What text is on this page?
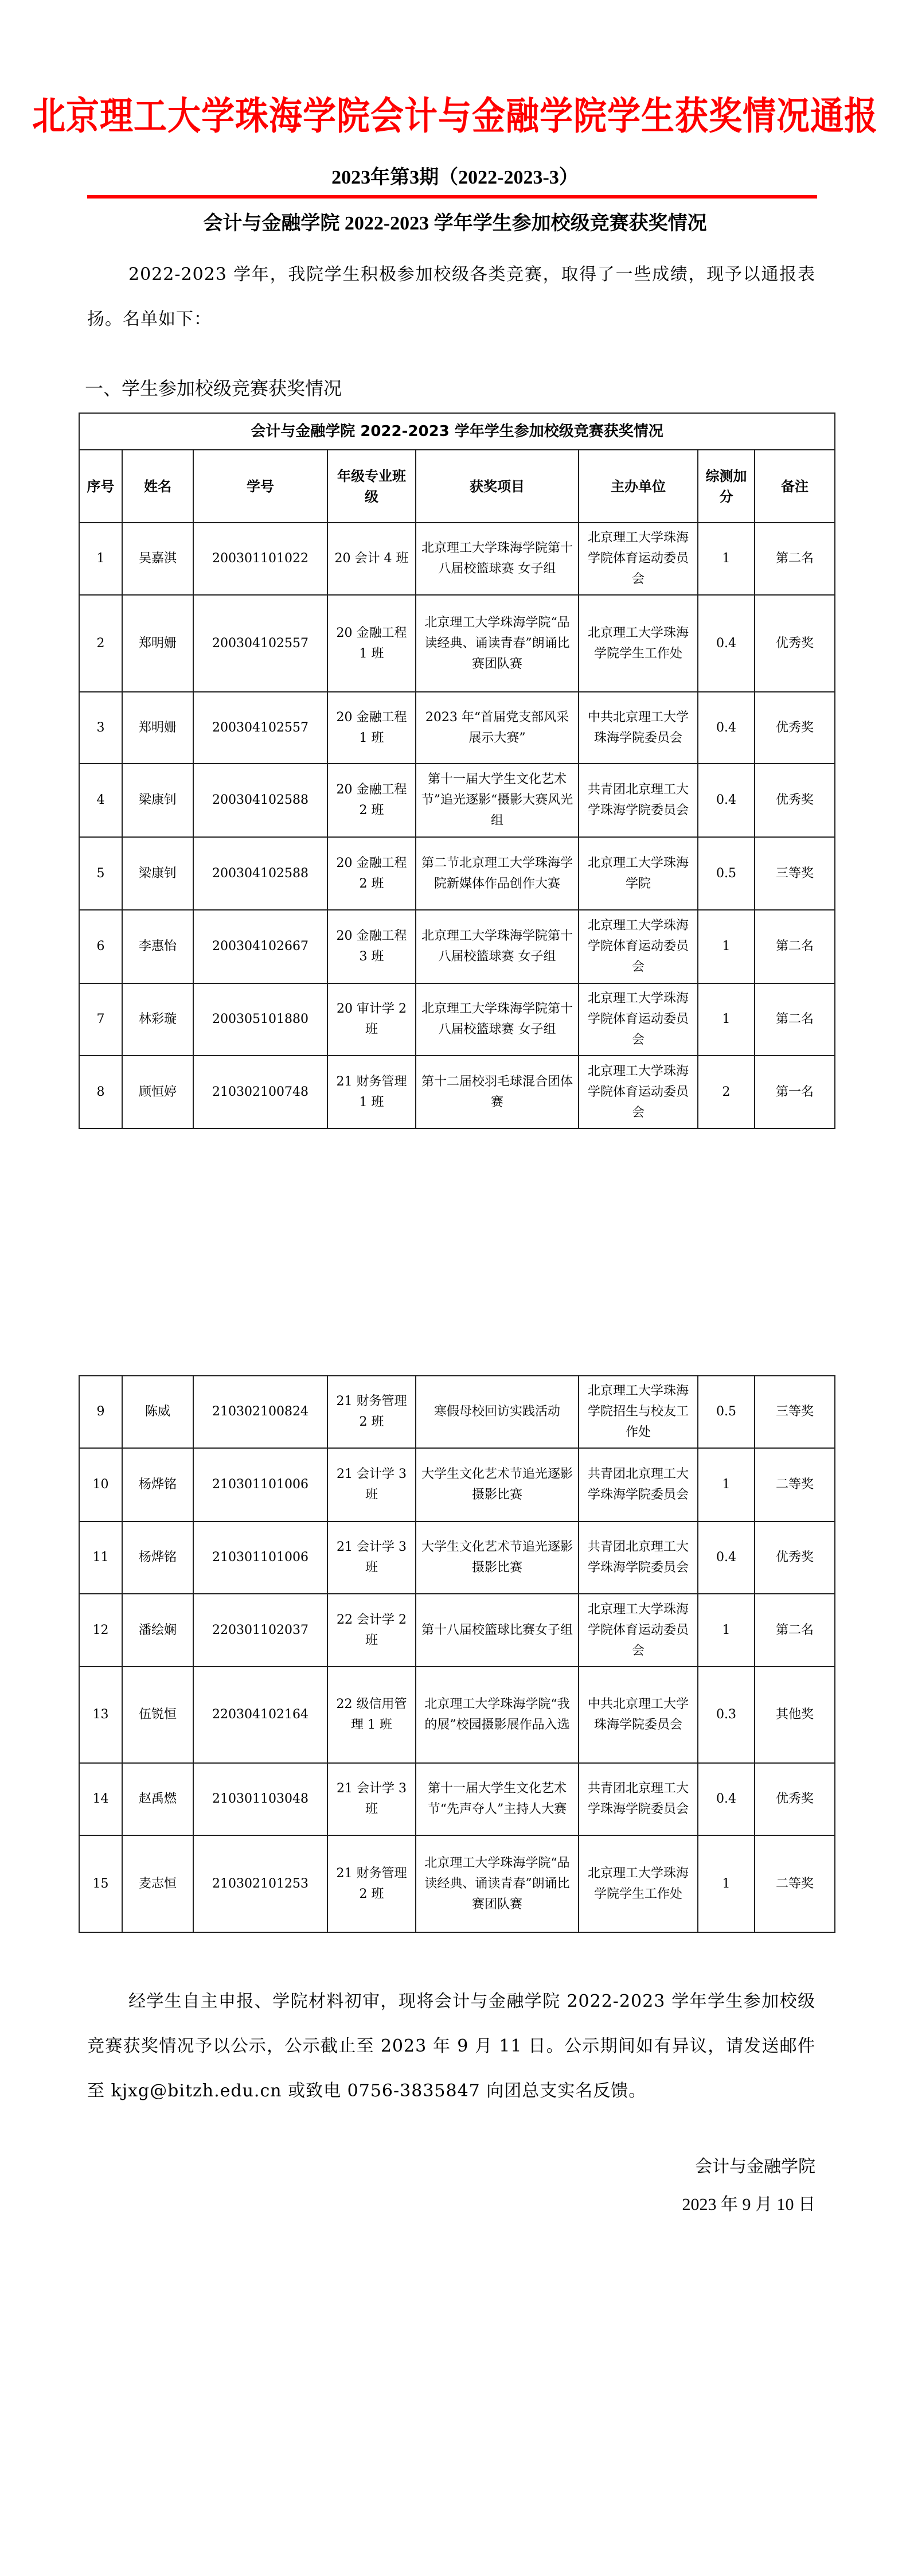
北京理工大学珠海学院会计与金融学院学生获奖情况通报
2023年第3期（2022-2023-3）
会计与金融学院 2022-2023 学年学生参加校级竞赛获奖情况
2022-2023 学年，我院学生积极参加校级各类竞赛，取得了一些成绩，现予以通报表扬。名单如下：
一、学生参加校级竞赛获奖情况
会计与金融学院 2022-2023 学年学生参加校级竞赛获奖情况							
序号	姓名	学号	年级专业班级	获奖项目	主办单位	综测加分	备注
1	吴嘉淇	200301101022	20 会计 4 班	北京理工大学珠海学院第十八届校篮球赛 女子组	北京理工大学珠海学院体育运动委员会	1	第二名
2	郑明姗	200304102557	20 金融工程 1 班	北京理工大学珠海学院“品读经典、诵读青春”朗诵比赛团队赛	北京理工大学珠海学院学生工作处	0.4	优秀奖
3	郑明姗	200304102557	20 金融工程 1 班	2023 年“首届党支部风采展示大赛”	中共北京理工大学珠海学院委员会	0.4	优秀奖
4	梁康钊	200304102588	20 金融工程 2 班	第十一届大学生文化艺术节”追光逐影“摄影大赛风光组	共青团北京理工大学珠海学院委员会	0.4	优秀奖
5	梁康钊	200304102588	20 金融工程 2 班	第二节北京理工大学珠海学院新媒体作品创作大赛	北京理工大学珠海学院	0.5	三等奖
6	李惠怡	200304102667	20 金融工程 3 班	北京理工大学珠海学院第十八届校篮球赛 女子组	北京理工大学珠海学院体育运动委员会	1	第二名
7	林彩璇	200305101880	20 审计学 2 班	北京理工大学珠海学院第十八届校篮球赛 女子组	北京理工大学珠海学院体育运动委员会	1	第二名
8	顾恒婷	210302100748	21 财务管理 1 班	第十二届校羽毛球混合团体赛	北京理工大学珠海学院体育运动委员会	2	第一名
9	陈威	210302100824	21 财务管理 2 班	寒假母校回访实践活动	北京理工大学珠海学院招生与校友工作处	0.5	三等奖
10	杨烨铭	210301101006	21 会计学 3 班	大学生文化艺术节追光逐影摄影比赛	共青团北京理工大学珠海学院委员会	1	二等奖
11	杨烨铭	210301101006	21 会计学 3 班	大学生文化艺术节追光逐影摄影比赛	共青团北京理工大学珠海学院委员会	0.4	优秀奖
12	潘绘娴	220301102037	22 会计学 2 班	第十八届校篮球比赛女子组	北京理工大学珠海学院体育运动委员会	1	第二名
13	伍锐恒	220304102164	22 级信用管理 1 班	北京理工大学珠海学院“我的展”校园摄影展作品入选	中共北京理工大学珠海学院委员会	0.3	其他奖
14	赵禹燃	210301103048	21 会计学 3 班	第十一届大学生文化艺术节“先声夺人”主持人大赛	共青团北京理工大学珠海学院委员会	0.4	优秀奖
15	麦志恒	210302101253	21 财务管理 2 班	北京理工大学珠海学院“品读经典、诵读青春”朗诵比赛团队赛	北京理工大学珠海学院学生工作处	1	二等奖
经学生自主申报、学院材料初审，现将会计与金融学院 2022-2023 学年学生参加校级竞赛获奖情况予以公示，公示截止至 2023 年 9 月 11 日。公示期间如有异议，请发送邮件至 kjxg@bitzh.edu.cn 或致电 0756-3835847 向团总支实名反馈。
会计与金融学院
2023 年 9 月 10 日
